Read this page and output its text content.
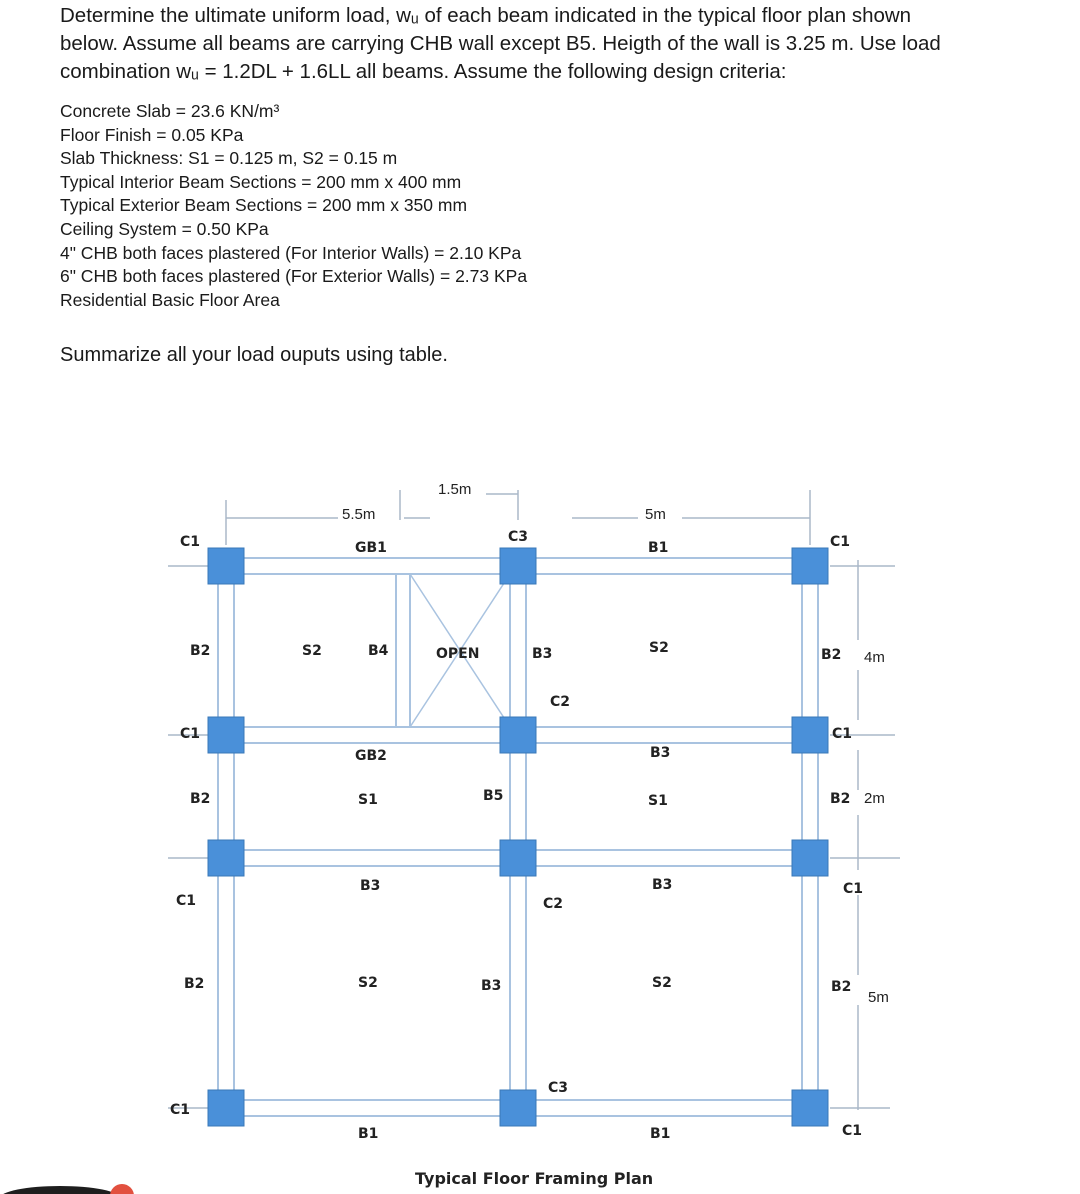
Determine the ultimate uniform load, wᵤ of each beam indicated in the typical floor plan shown
below. Assume all beams are carrying CHB wall except B5. Heigth of the wall is 3.25 m. Use load
combination wᵤ = 1.2DL + 1.6LL all beams. Assume the following design criteria:
Concrete Slab = 23.6 KN/m³
Floor Finish = 0.05 KPa
Slab Thickness: S1 = 0.125 m, S2 = 0.15 m
Typical Interior Beam Sections = 200 mm x 400 mm
Typical Exterior Beam Sections = 200 mm x 350 mm
Ceiling System = 0.50 KPa
4" CHB both faces plastered (For Interior Walls) = 2.10 KPa
6" CHB both faces plastered (For Exterior Walls) = 2.73 KPa
Residential Basic Floor Area
Summarize all your load ouputs using table.
5.5m
1.5m
5m
4m
2m
5m
C1	C1
C3
GB1	B1
B2	S2	B4	OPEN	B3	S2	B2
C2
C1	C1
GB2	B3
B2	S1	B5	S1	B2
B3	B3
C1	C2
C1
B2	S2	B3	S2	B2
C3
C1
B1	B1	C1
Typical Floor Framing Plan
